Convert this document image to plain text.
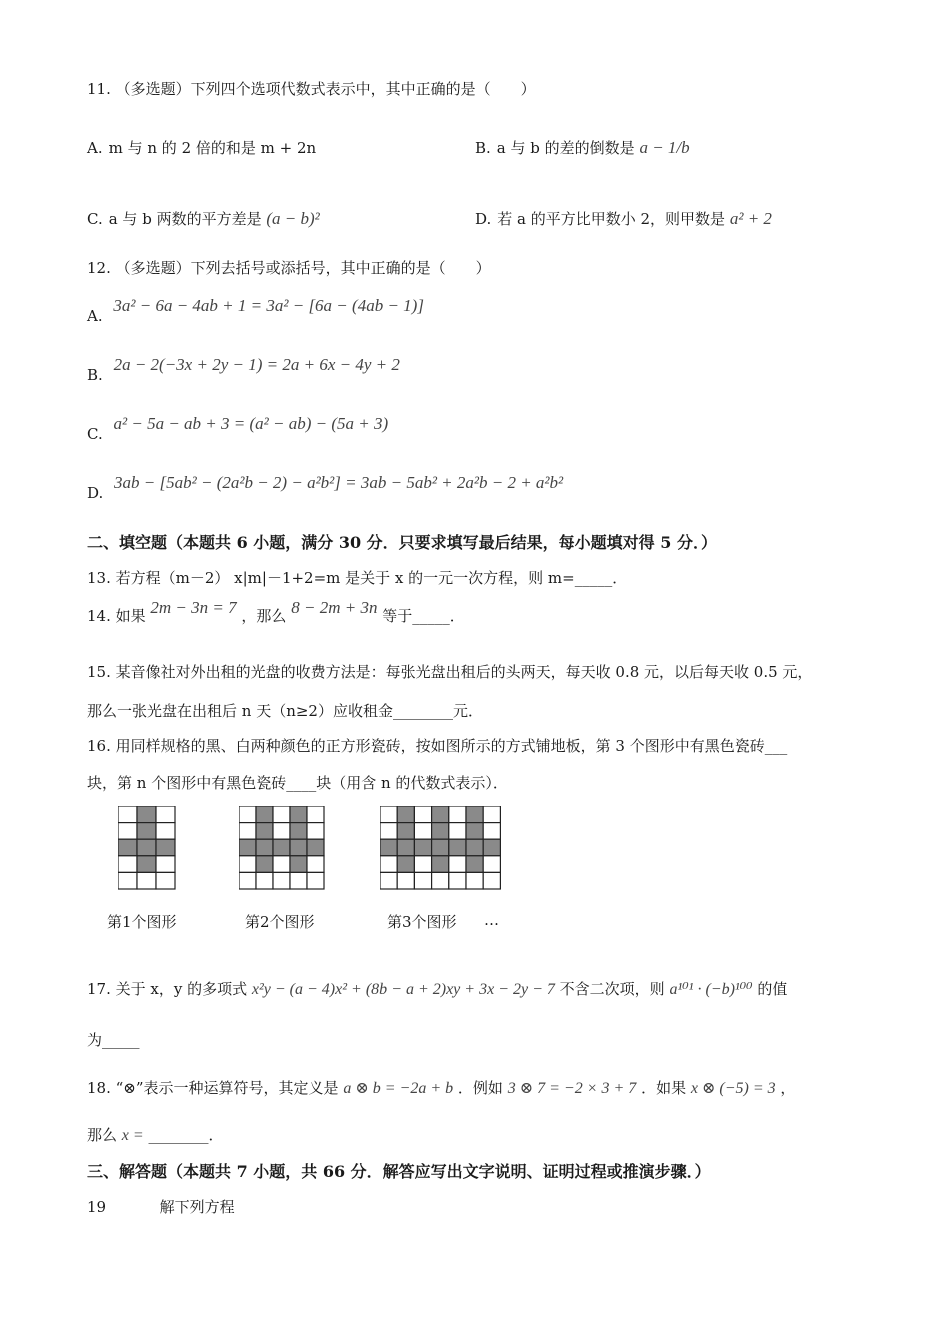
11. （多选题）下列四个选项代数式表示中，其中正确的是（　　）
A. m 与 n 的 2 倍的和是 m + 2n	B. a 与 b 的差的倒数是 a − 1/b
C. a 与 b 两数的平方差是 (a − b)²	D. 若 a 的平方比甲数小 2，则甲数是 a² + 2
12. （多选题）下列去括号或添括号，其中正确的是（　　）
A. 3a² − 6a − 4ab + 1 = 3a² − [6a − (4ab − 1)]
B. 2a − 2(−3x + 2y − 1) = 2a + 6x − 4y + 2
C. a² − 5a − ab + 3 = (a² − ab) − (5a + 3)
D. 3ab − [5ab² − (2a²b − 2) − a²b²] = 3ab − 5ab² + 2a²b − 2 + a²b²
二、填空题（本题共 6 小题，满分 30 分．只要求填写最后结果，每小题填对得 5 分．）
13. 若方程（m－2） x|m|－1+2=m 是关于 x 的一元一次方程，则 m=_____．
14. 如果 2m − 3n = 7 ，那么 8 − 2m + 3n 等于_____．
15. 某音像社对外出租的光盘的收费方法是：每张光盘出租后的头两天，每天收 0.8 元，以后每天收 0.5 元，
那么一张光盘在出租后 n 天（n≥2）应收租金________元．
16. 用同样规格的黑、白两种颜色的正方形瓷砖，按如图所示的方式铺地板，第 3 个图形中有黑色瓷砖___
块，第 n 个图形中有黑色瓷砖____块（用含 n 的代数式表示）．
第1个图形	第2个图形	第3个图形 …
17. 关于 x，y 的多项式 x²y − (a − 4)x² + (8b − a + 2)xy + 3x − 2y − 7 不含二次项，则 a¹⁰¹ · (−b)¹⁰⁰ 的值
为_____
18. “⊗”表示一种运算符号，其定义是 a ⊗ b = −2a + b ．例如 3 ⊗ 7 = −2 × 3 + 7 ．如果 x ⊗ (−5) = 3 ，
那么 x = ________．
三、解答题（本题共 7 小题，共 66 分．解答应写出文字说明、证明过程或推演步骤．）
19	解下列方程
